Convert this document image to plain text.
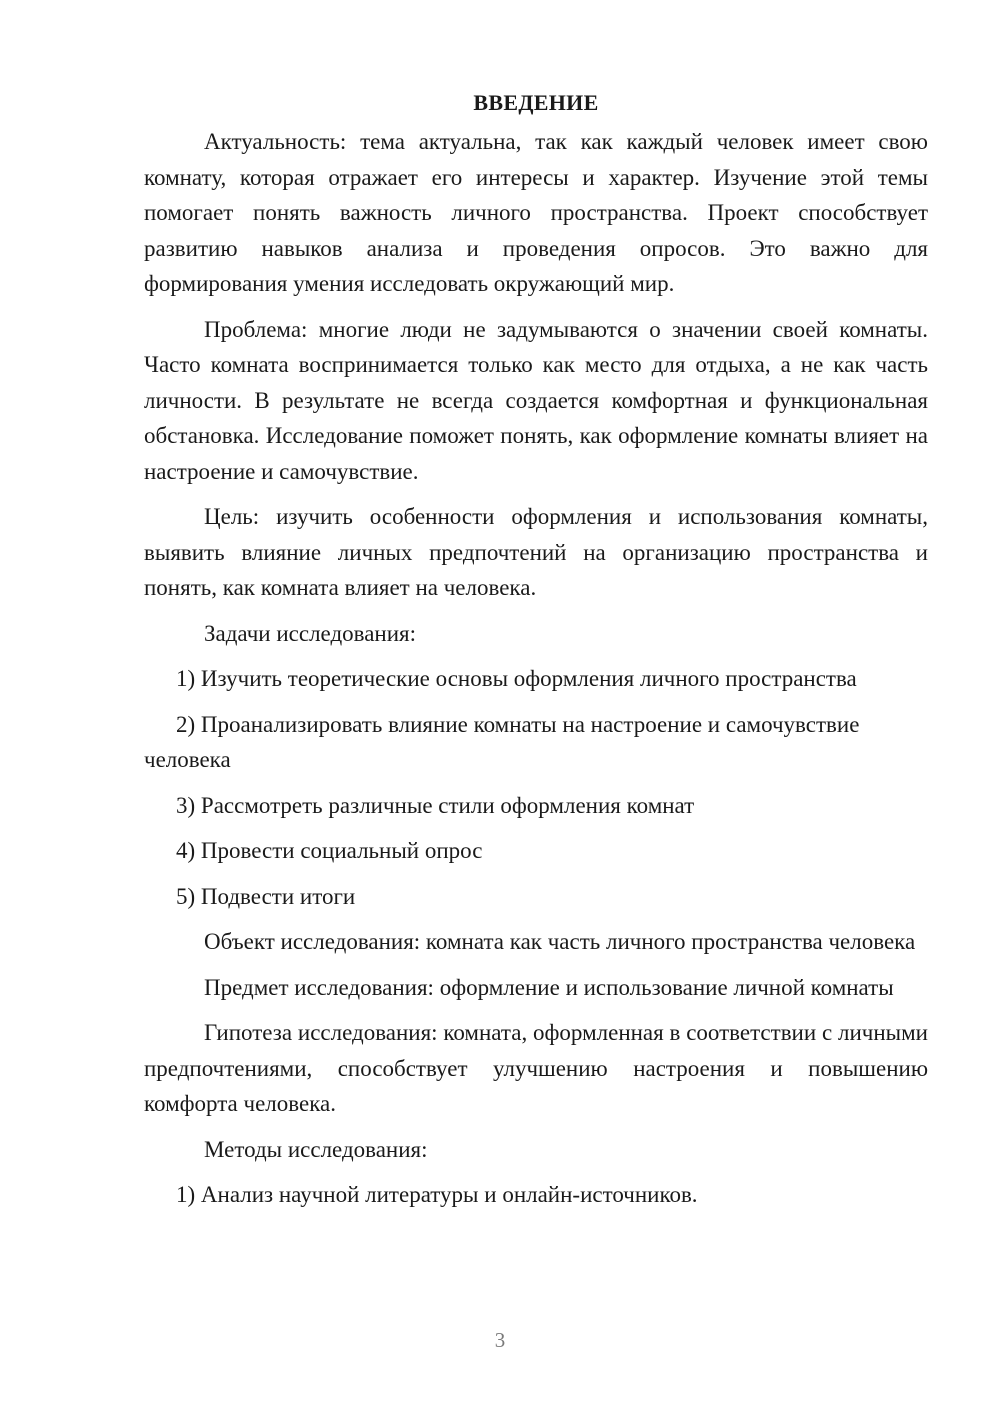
ВВЕДЕНИЕ

Актуальность: тема актуальна, так как каждый человек имеет свою комнату, которая отражает его интересы и характер. Изучение этой темы помогает понять важность личного пространства. Проект способствует развитию навыков анализа и проведения опросов. Это важно для формирования умения исследовать окружающий мир.

Проблема: многие люди не задумываются о значении своей комнаты. Часто комната воспринимается только как место для отдыха, а не как часть личности. В результате не всегда создается комфортная и функциональная обстановка. Исследование поможет понять, как оформление комнаты влияет на настроение и самочувствие.

Цель: изучить особенности оформления и использования комнаты, выявить влияние личных предпочтений на организацию пространства и понять, как комната влияет на человека.

Задачи исследования:

1) Изучить теоретические основы оформления личного пространства

2) Проанализировать влияние комнаты на настроение и самочувствие человека

3) Рассмотреть различные стили оформления комнат

4) Провести социальный опрос

5) Подвести итоги

Объект исследования: комната как часть личного пространства человека

Предмет исследования: оформление и использование личной комнаты

Гипотеза исследования: комната, оформленная в соответствии с личными предпочтениями, способствует улучшению настроения и повышению комфорта человека.

Методы исследования:

1) Анализ научной литературы и онлайн-источников.

3
